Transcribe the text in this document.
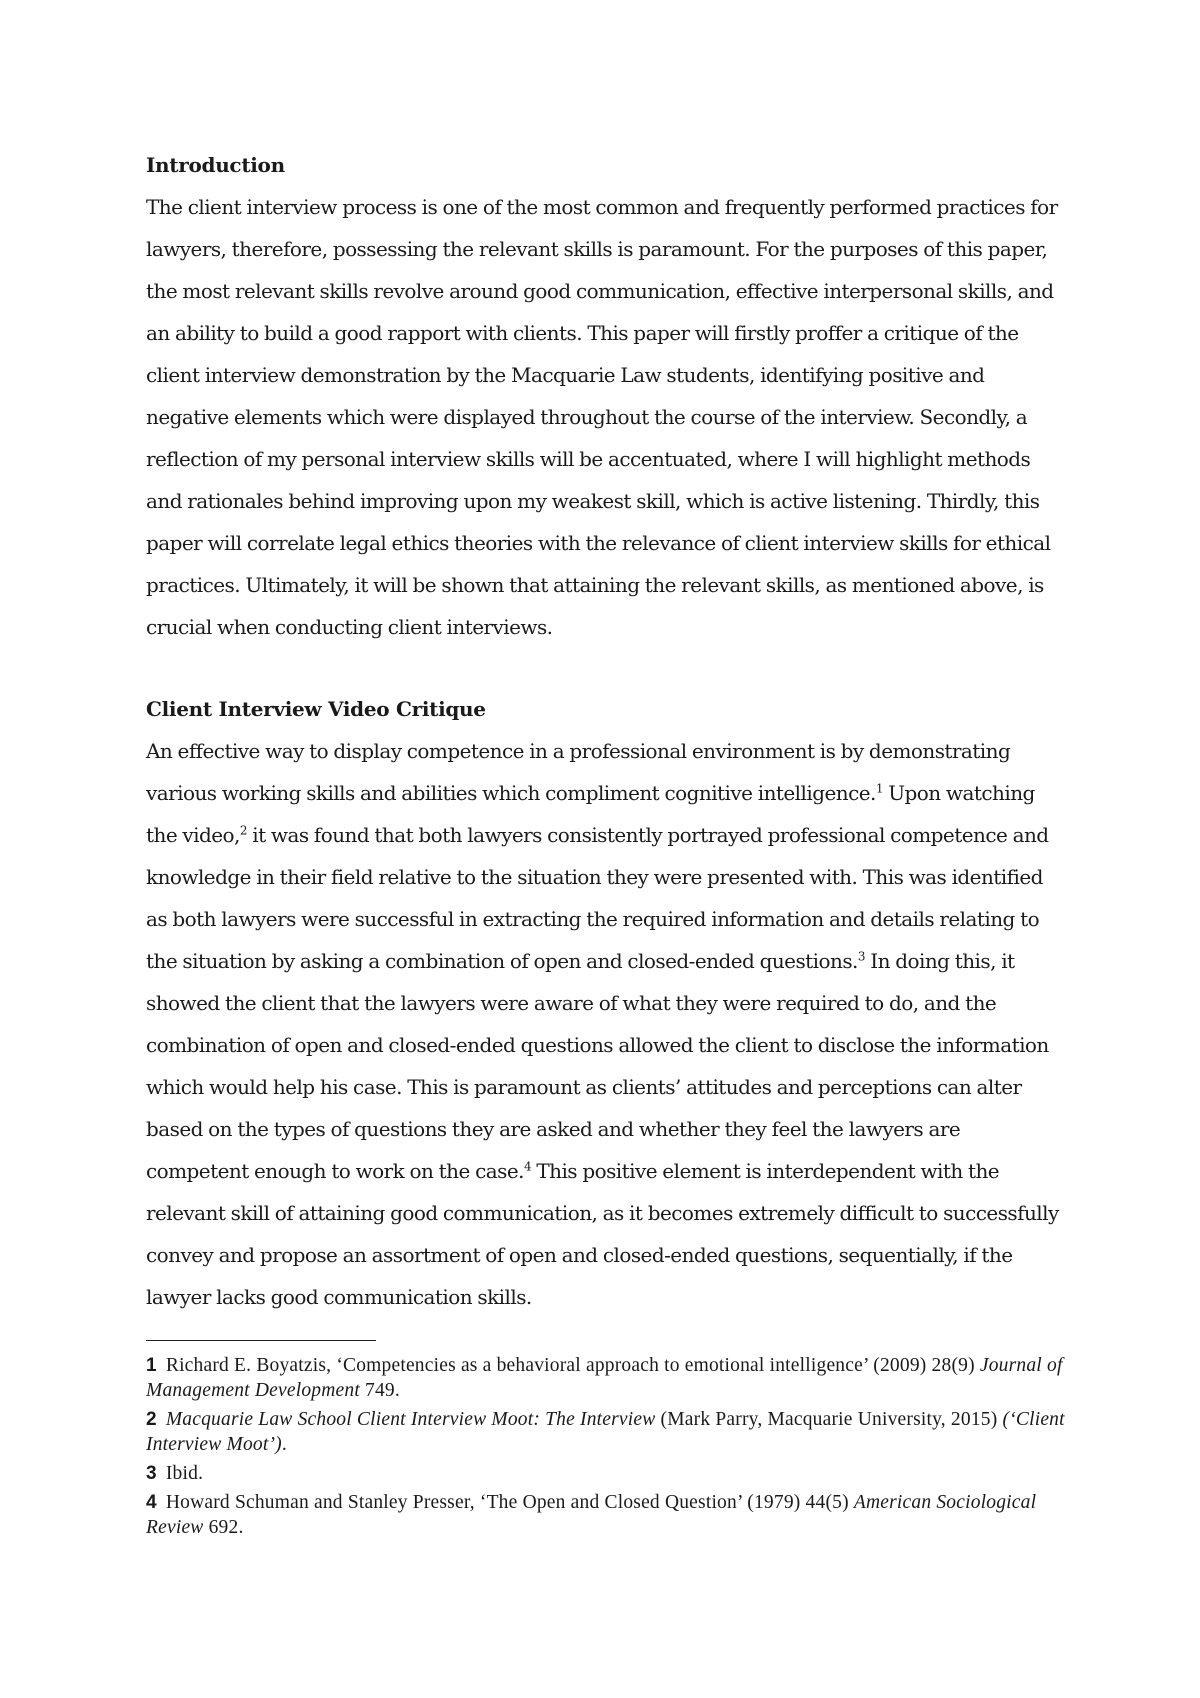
Introduction

The client interview process is one of the most common and frequently performed practices for lawyers, therefore, possessing the relevant skills is paramount. For the purposes of this paper, the most relevant skills revolve around good communication, effective interpersonal skills, and an ability to build a good rapport with clients. This paper will firstly proffer a critique of the client interview demonstration by the Macquarie Law students, identifying positive and negative elements which were displayed throughout the course of the interview. Secondly, a reflection of my personal interview skills will be accentuated, where I will highlight methods and rationales behind improving upon my weakest skill, which is active listening. Thirdly, this paper will correlate legal ethics theories with the relevance of client interview skills for ethical practices. Ultimately, it will be shown that attaining the relevant skills, as mentioned above, is crucial when conducting client interviews.

Client Interview Video Critique

An effective way to display competence in a professional environment is by demonstrating various working skills and abilities which compliment cognitive intelligence.$^1$ Upon watching the video,$^2$ it was found that both lawyers consistently portrayed professional competence and knowledge in their field relative to the situation they were presented with. This was identified as both lawyers were successful in extracting the required information and details relating to the situation by asking a combination of open and closed-ended questions.$^3$ In doing this, it showed the client that the lawyers were aware of what they were required to do, and the combination of open and closed-ended questions allowed the client to disclose the information which would help his case. This is paramount as clients’ attitudes and perceptions can alter based on the types of questions they are asked and whether they feel the lawyers are competent enough to work on the case.$^4$ This positive element is interdependent with the relevant skill of attaining good communication, as it becomes extremely difficult to successfully convey and propose an assortment of open and closed-ended questions, sequentially, if the lawyer lacks good communication skills.

1 Richard E. Boyatzis, ‘Competencies as a behavioral approach to emotional intelligence’ (2009) 28(9) Journal of Management Development 749.

2 Macquarie Law School Client Interview Moot: The Interview (Mark Parry, Macquarie University, 2015) (‘Client Interview Moot’).

3 Ibid.

4 Howard Schuman and Stanley Presser, ‘The Open and Closed Question’ (1979) 44(5) American Sociological Review 692.
